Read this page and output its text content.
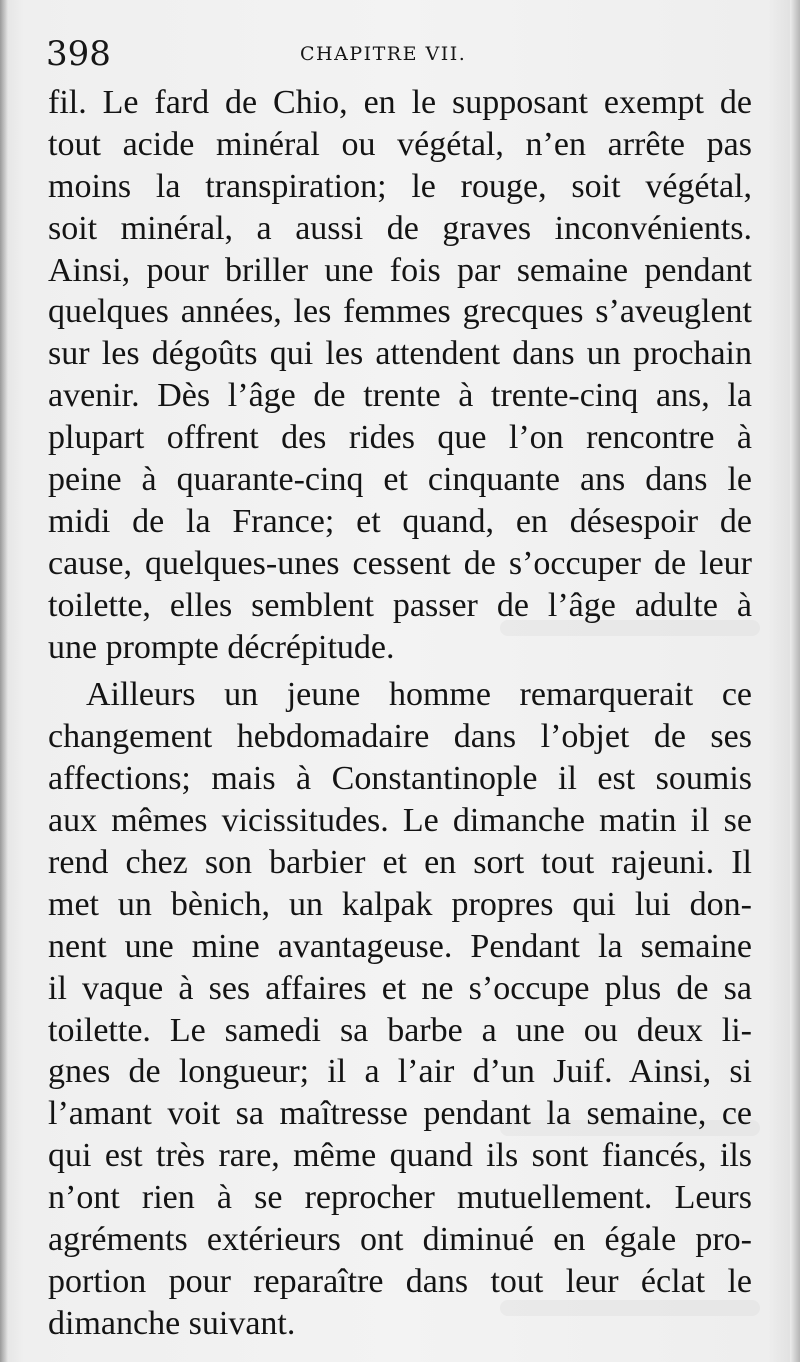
398	CHAPITRE VII.
fil. Le fard de Chio, en le supposant exempt de
tout acide minéral ou végétal, n’en arrête pas
moins la transpiration; le rouge, soit végétal,
soit minéral, a aussi de graves inconvénients.
Ainsi, pour briller une fois par semaine pendant
quelques années, les femmes grecques s’aveuglent
sur les dégoûts qui les attendent dans un prochain
avenir. Dès l’âge de trente à trente-cinq ans, la
plupart offrent des rides que l’on rencontre à
peine à quarante-cinq et cinquante ans dans le
midi de la France; et quand, en désespoir de
cause, quelques-unes cessent de s’occuper de leur
toilette, elles semblent passer de l’âge adulte à
une prompte décrépitude.
Ailleurs un jeune homme remarquerait ce
changement hebdomadaire dans l’objet de ses
affections; mais à Constantinople il est soumis
aux mêmes vicissitudes. Le dimanche matin il se
rend chez son barbier et en sort tout rajeuni. Il
met un bènich, un kalpak propres qui lui don-
nent une mine avantageuse. Pendant la semaine
il vaque à ses affaires et ne s’occupe plus de sa
toilette. Le samedi sa barbe a une ou deux li-
gnes de longueur; il a l’air d’un Juif. Ainsi, si
l’amant voit sa maîtresse pendant la semaine, ce
qui est très rare, même quand ils sont fiancés, ils
n’ont rien à se reprocher mutuellement. Leurs
agréments extérieurs ont diminué en égale pro-
portion pour reparaître dans tout leur éclat le
dimanche suivant.
